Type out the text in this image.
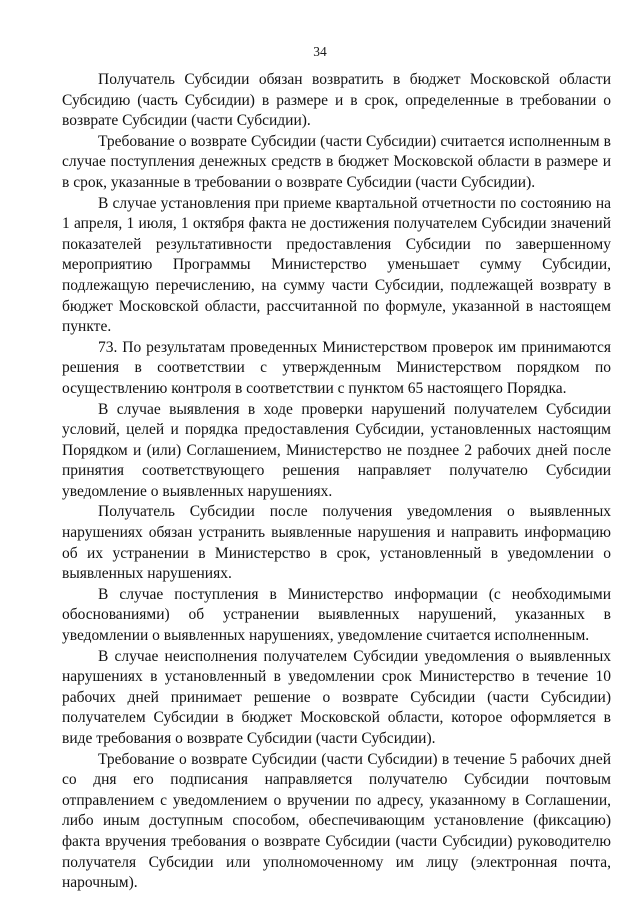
34

Получатель Субсидии обязан возвратить в бюджет Московской области Субсидию (часть Субсидии) в размере и в срок, определенные в требовании о возврате Субсидии (части Субсидии).

Требование о возврате Субсидии (части Субсидии) считается исполненным в случае поступления денежных средств в бюджет Московской области в размере и в срок, указанные в требовании о возврате Субсидии (части Субсидии).

В случае установления при приеме квартальной отчетности по состоянию на 1 апреля, 1 июля, 1 октября факта не достижения получателем Субсидии значений показателей результативности предоставления Субсидии по завершенному мероприятию Программы Министерство уменьшает сумму Субсидии, подлежащую перечислению, на сумму части Субсидии, подлежащей возврату в бюджет Московской области, рассчитанной по формуле, указанной в настоящем пункте.

73. По результатам проведенных Министерством проверок им принимаются решения в соответствии с утвержденным Министерством порядком по осуществлению контроля в соответствии с пунктом 65 настоящего Порядка.

В случае выявления в ходе проверки нарушений получателем Субсидии условий, целей и порядка предоставления Субсидии, установленных настоящим Порядком и (или) Соглашением, Министерство не позднее 2 рабочих дней после принятия соответствующего решения направляет получателю Субсидии уведомление о выявленных нарушениях.

Получатель Субсидии после получения уведомления о выявленных нарушениях обязан устранить выявленные нарушения и направить информацию об их устранении в Министерство в срок, установленный в уведомлении о выявленных нарушениях.

В случае поступления в Министерство информации (с необходимыми обоснованиями) об устранении выявленных нарушений, указанных в уведомлении о выявленных нарушениях, уведомление считается исполненным.

В случае неисполнения получателем Субсидии уведомления о выявленных нарушениях в установленный в уведомлении срок Министерство в течение 10 рабочих дней принимает решение о возврате Субсидии (части Субсидии) получателем Субсидии в бюджет Московской области, которое оформляется в виде требования о возврате Субсидии (части Субсидии).

Требование о возврате Субсидии (части Субсидии) в течение 5 рабочих дней со дня его подписания направляется получателю Субсидии почтовым отправлением с уведомлением о вручении по адресу, указанному в Соглашении, либо иным доступным способом, обеспечивающим установление (фиксацию) факта вручения требования о возврате Субсидии (части Субсидии) руководителю получателя Субсидии или уполномоченному им лицу (электронная почта, нарочным).
